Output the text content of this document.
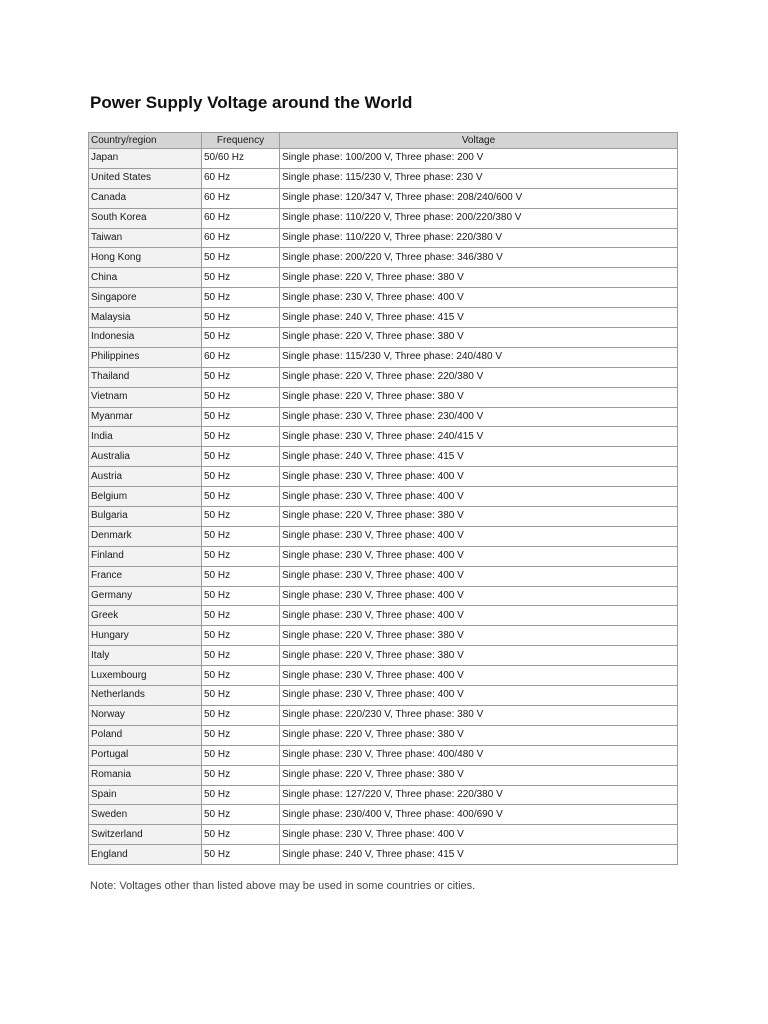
Power Supply Voltage around the World
Country/region	Frequency	Voltage
Japan	50/60 Hz	Single phase: 100/200 V, Three phase: 200 V
United States	60 Hz	Single phase: 115/230 V, Three phase: 230 V
Canada	60 Hz	Single phase: 120/347 V, Three phase: 208/240/600 V
South Korea	60 Hz	Single phase: 110/220 V, Three phase: 200/220/380 V
Taiwan	60 Hz	Single phase: 110/220 V, Three phase: 220/380 V
Hong Kong	50 Hz	Single phase: 200/220 V, Three phase: 346/380 V
China	50 Hz	Single phase: 220 V, Three phase: 380 V
Singapore	50 Hz	Single phase: 230 V, Three phase: 400 V
Malaysia	50 Hz	Single phase: 240 V, Three phase: 415 V
Indonesia	50 Hz	Single phase: 220 V, Three phase: 380 V
Philippines	60 Hz	Single phase: 115/230 V, Three phase: 240/480 V
Thailand	50 Hz	Single phase: 220 V, Three phase: 220/380 V
Vietnam	50 Hz	Single phase: 220 V, Three phase: 380 V
Myanmar	50 Hz	Single phase: 230 V, Three phase: 230/400 V
India	50 Hz	Single phase: 230 V, Three phase: 240/415 V
Australia	50 Hz	Single phase: 240 V, Three phase: 415 V
Austria	50 Hz	Single phase: 230 V, Three phase: 400 V
Belgium	50 Hz	Single phase: 230 V, Three phase: 400 V
Bulgaria	50 Hz	Single phase: 220 V, Three phase: 380 V
Denmark	50 Hz	Single phase: 230 V, Three phase: 400 V
Finland	50 Hz	Single phase: 230 V, Three phase: 400 V
France	50 Hz	Single phase: 230 V, Three phase: 400 V
Germany	50 Hz	Single phase: 230 V, Three phase: 400 V
Greek	50 Hz	Single phase: 230 V, Three phase: 400 V
Hungary	50 Hz	Single phase: 220 V, Three phase: 380 V
Italy	50 Hz	Single phase: 220 V, Three phase: 380 V
Luxembourg	50 Hz	Single phase: 230 V, Three phase: 400 V
Netherlands	50 Hz	Single phase: 230 V, Three phase: 400 V
Norway	50 Hz	Single phase: 220/230 V, Three phase: 380 V
Poland	50 Hz	Single phase: 220 V, Three phase: 380 V
Portugal	50 Hz	Single phase: 230 V, Three phase: 400/480 V
Romania	50 Hz	Single phase: 220 V, Three phase: 380 V
Spain	50 Hz	Single phase: 127/220 V, Three phase: 220/380 V
Sweden	50 Hz	Single phase: 230/400 V, Three phase: 400/690 V
Switzerland	50 Hz	Single phase: 230 V, Three phase: 400 V
England	50 Hz	Single phase: 240 V, Three phase: 415 V

Note: Voltages other than listed above may be used in some countries or cities.
